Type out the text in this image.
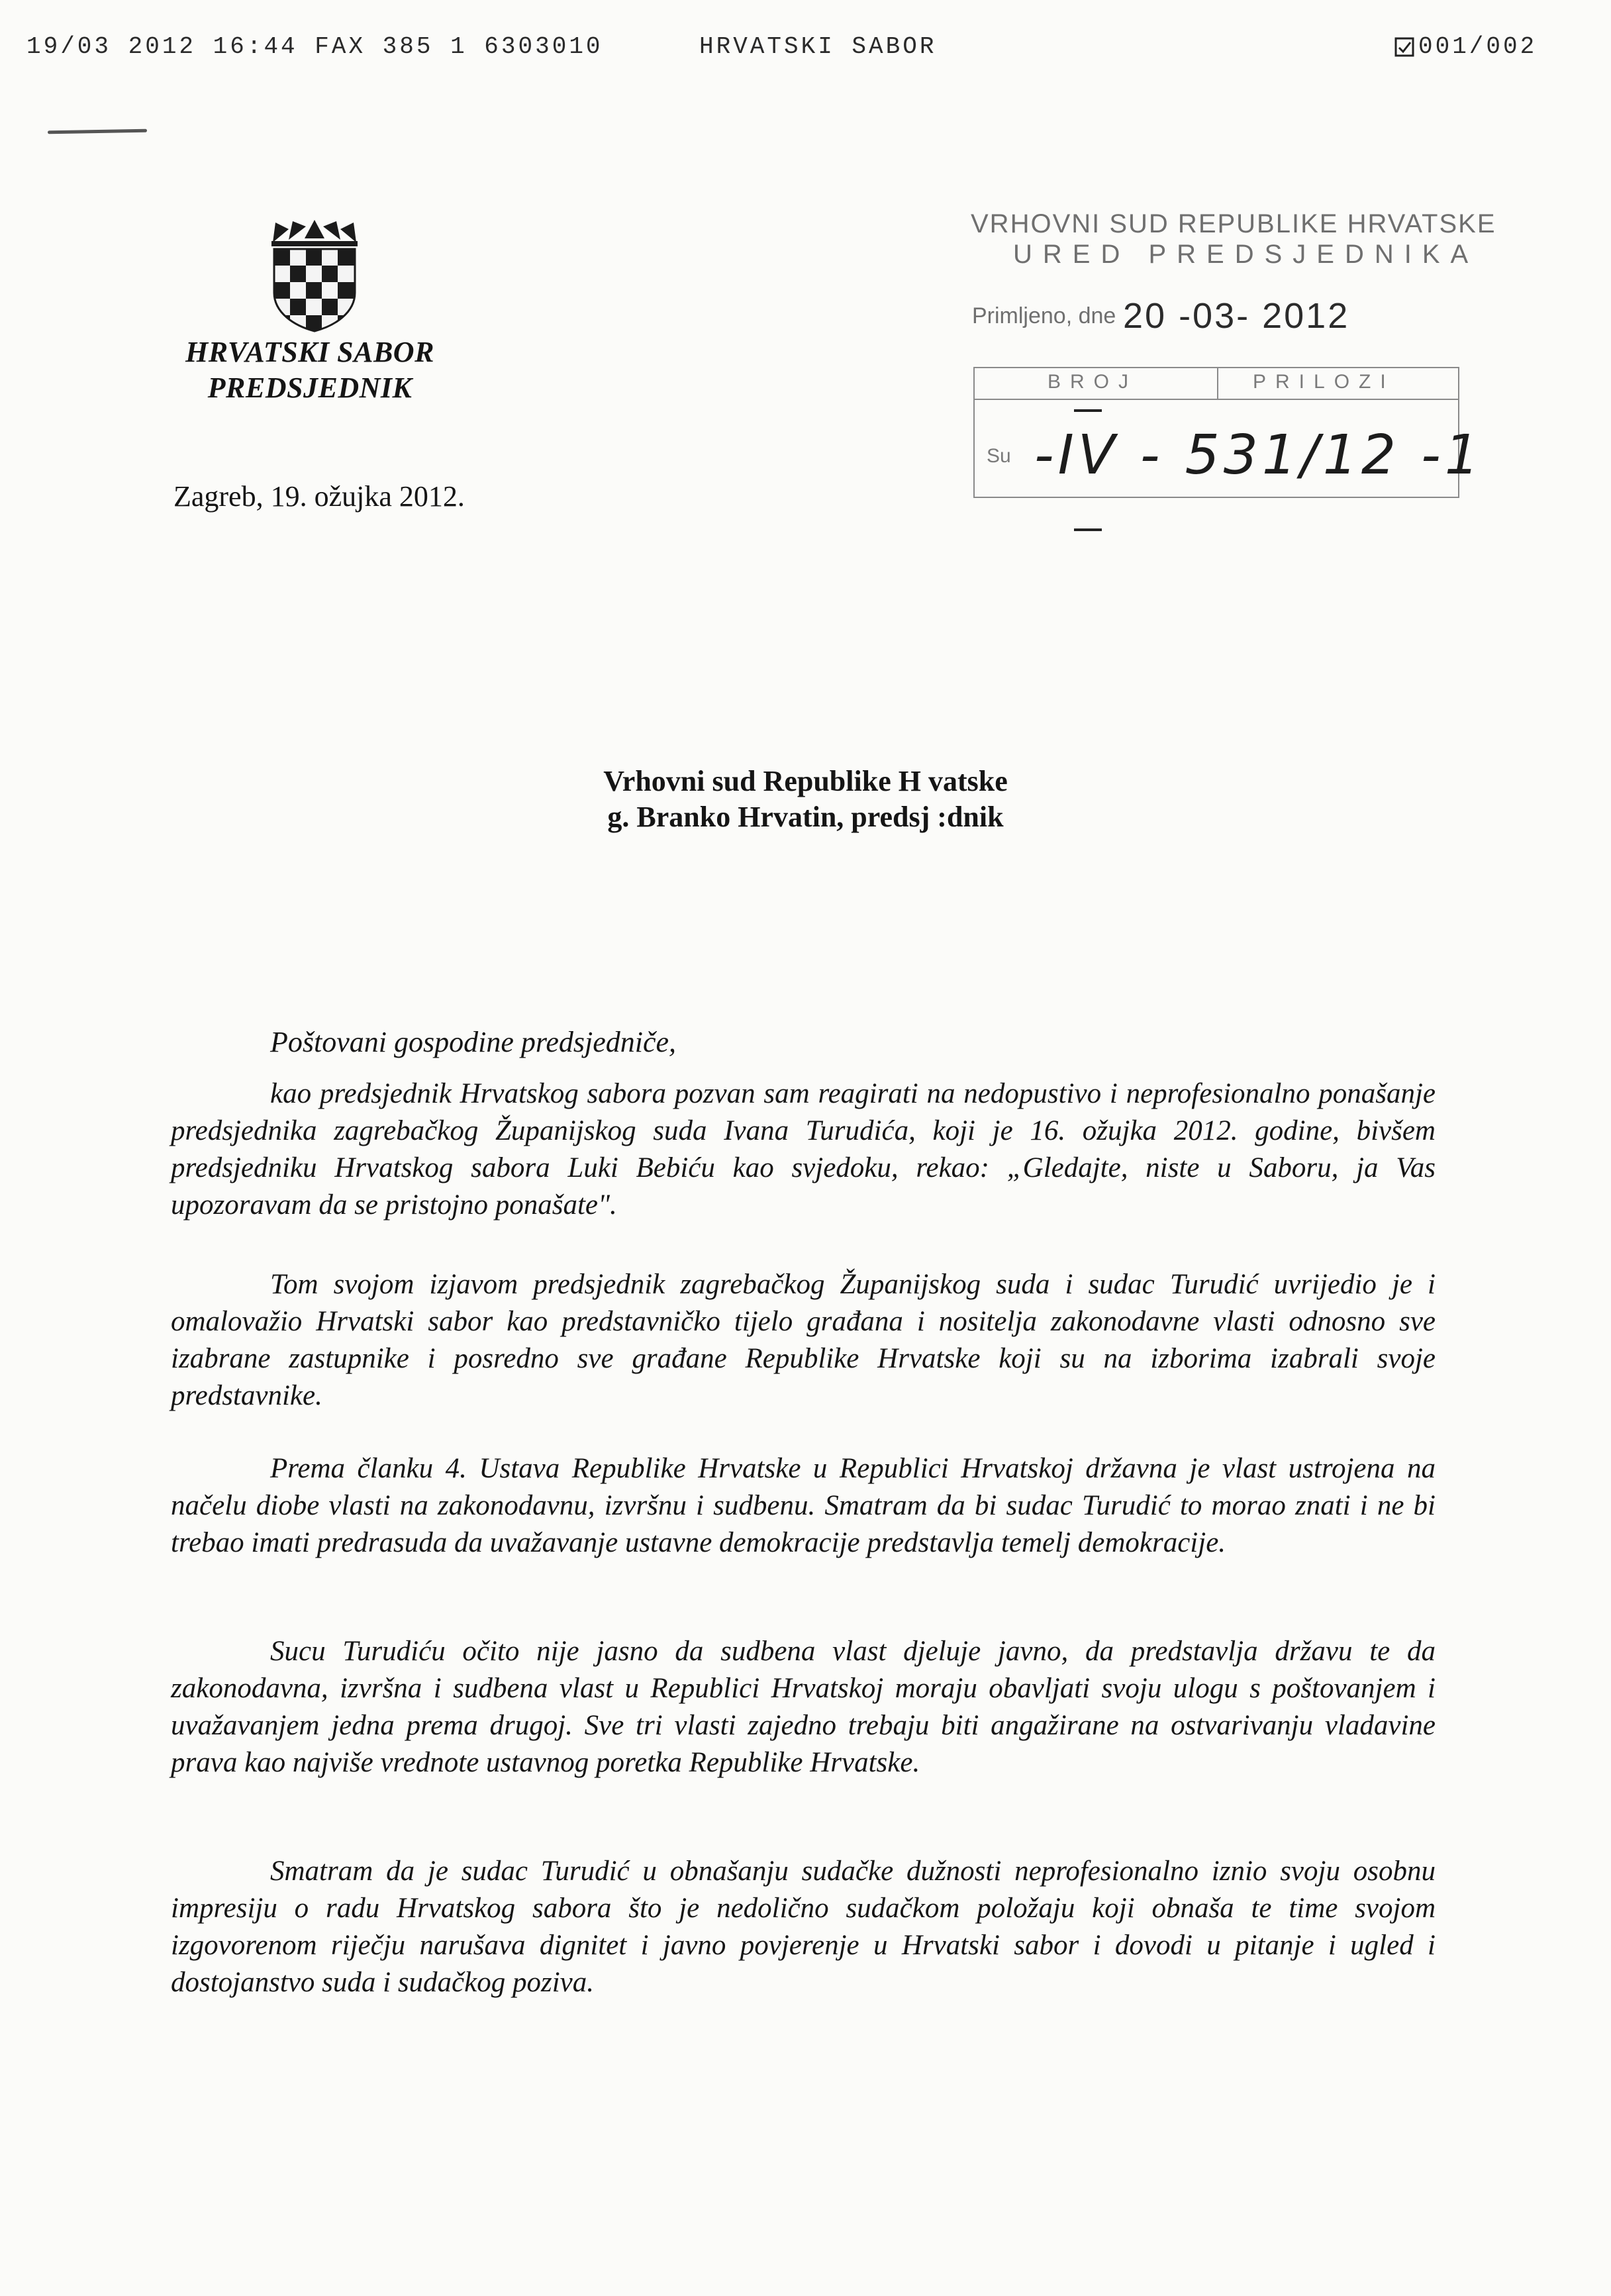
19/03 2012 16:44 FAX 385 1 6303010	HRVATSKI SABOR	001/002
HRVATSKI SABOR
PREDSJEDNIK
Zagreb, 19. ožujka 2012.
VRHOVNI SUD REPUBLIKE HRVATSKE
URED PREDSJEDNIKA
Primljeno, dne 20 -03- 2012
BROJ	PRILOZI
Su -IV - 531/12 -1
Vrhovni sud Republike H vatske
g. Branko Hrvatin, predsj :dnik
Poštovani gospodine predsjedniče,

kao predsjednik Hrvatskog sabora pozvan sam reagirati na nedopustivo i neprofesionalno ponašanje predsjednika zagrebačkog Županijskog suda Ivana Turudića, koji je 16. ožujka 2012. godine, bivšem predsjedniku Hrvatskog sabora Luki Bebiću kao svjedoku, rekao: „Gledajte, niste u Saboru, ja Vas upozoravam da se pristojno ponašate".

Tom svojom izjavom predsjednik zagrebačkog Županijskog suda i sudac Turudić uvrijedio je i omalovažio Hrvatski sabor kao predstavničko tijelo građana i nositelja zakonodavne vlasti odnosno sve izabrane zastupnike i posredno sve građane Republike Hrvatske koji su na izborima izabrali svoje predstavnike.

Prema članku 4. Ustava Republike Hrvatske u Republici Hrvatskoj državna je vlast ustrojena na načelu diobe vlasti na zakonodavnu, izvršnu i sudbenu. Smatram da bi sudac Turudić to morao znati i ne bi trebao imati predrasuda da uvažavanje ustavne demokracije predstavlja temelj demokracije.

Sucu Turudiću očito nije jasno da sudbena vlast djeluje javno, da predstavlja državu te da zakonodavna, izvršna i sudbena vlast u Republici Hrvatskoj moraju obavljati svoju ulogu s poštovanjem i uvažavanjem jedna prema drugoj. Sve tri vlasti zajedno trebaju biti angažirane na ostvarivanju vladavine prava kao najviše vrednote ustavnog poretka Republike Hrvatske.

Smatram da je sudac Turudić u obnašanju sudačke dužnosti neprofesionalno iznio svoju osobnu impresiju o radu Hrvatskog sabora što je nedolično sudačkom položaju koji obnaša te time svojom izgovorenom riječju narušava dignitet i javno povjerenje u Hrvatski sabor i dovodi u pitanje i ugled i dostojanstvo suda i sudačkog poziva.
